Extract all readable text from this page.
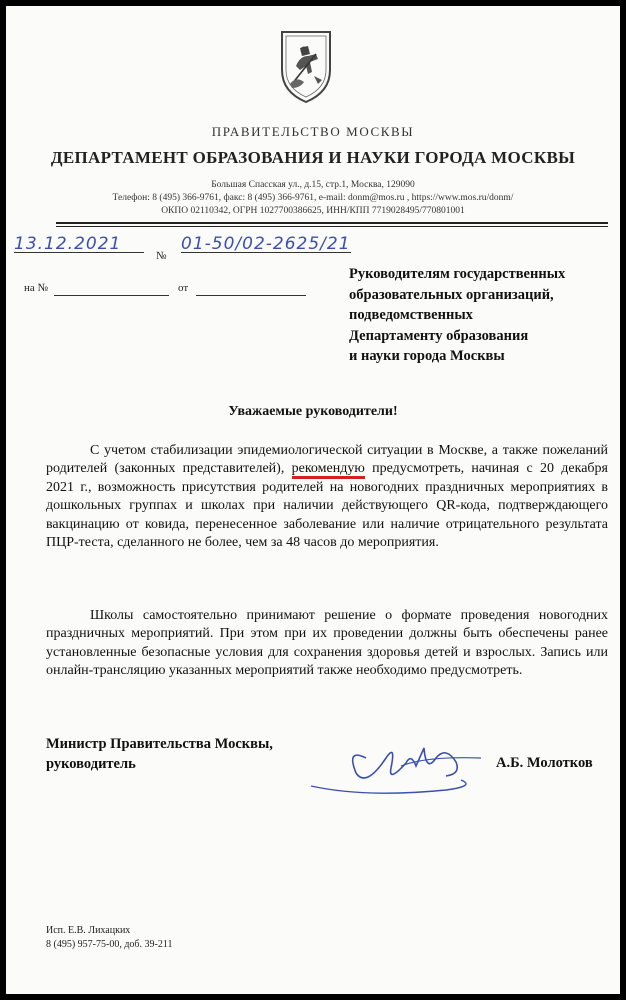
ПРАВИТЕЛЬСТВО МОСКВЫ
ДЕПАРТАМЕНТ ОБРАЗОВАНИЯ И НАУКИ ГОРОДА МОСКВЫ
Большая Спасская ул., д.15, стр.1, Москва, 129090
Телефон: 8 (495) 366-9761, факс: 8 (495) 366-9761, e-mail: donm@mos.ru , https://www.mos.ru/donm/
ОКПО 02110342, ОГРН 1027700386625, ИНН/КПП 7719028495/770801001
13.12.2021
№
01-50/02-2625/21
на №	от
Руководителям государственных
образовательных организаций,
подведомственных
Департаменту образования
и науки города Москвы
Уважаемые руководители!

С учетом стабилизации эпидемиологической ситуации в Москве, а также пожеланий родителей (законных представителей), рекомендую предусмотреть, начиная с 20 декабря 2021 г., возможность присутствия родителей на новогодних праздничных мероприятиях в дошкольных группах и школах при наличии действующего QR-кода, подтверждающего вакцинацию от ковида, перенесенное заболевание или наличие отрицательного результата ПЦР-теста, сделанного не более, чем за 48 часов до мероприятия.

Школы самостоятельно принимают решение о формате проведения новогодних праздничных мероприятий. При этом при их проведении должны быть обеспечены ранее установленные безопасные условия для сохранения здоровья детей и взрослых. Запись или онлайн-трансляцию указанных мероприятий также необходимо предусмотреть.

Министр Правительства Москвы,
руководитель	А.Б. Молотков
Исп. Е.В. Лихацких
8 (495) 957-75-00, доб. 39-211
